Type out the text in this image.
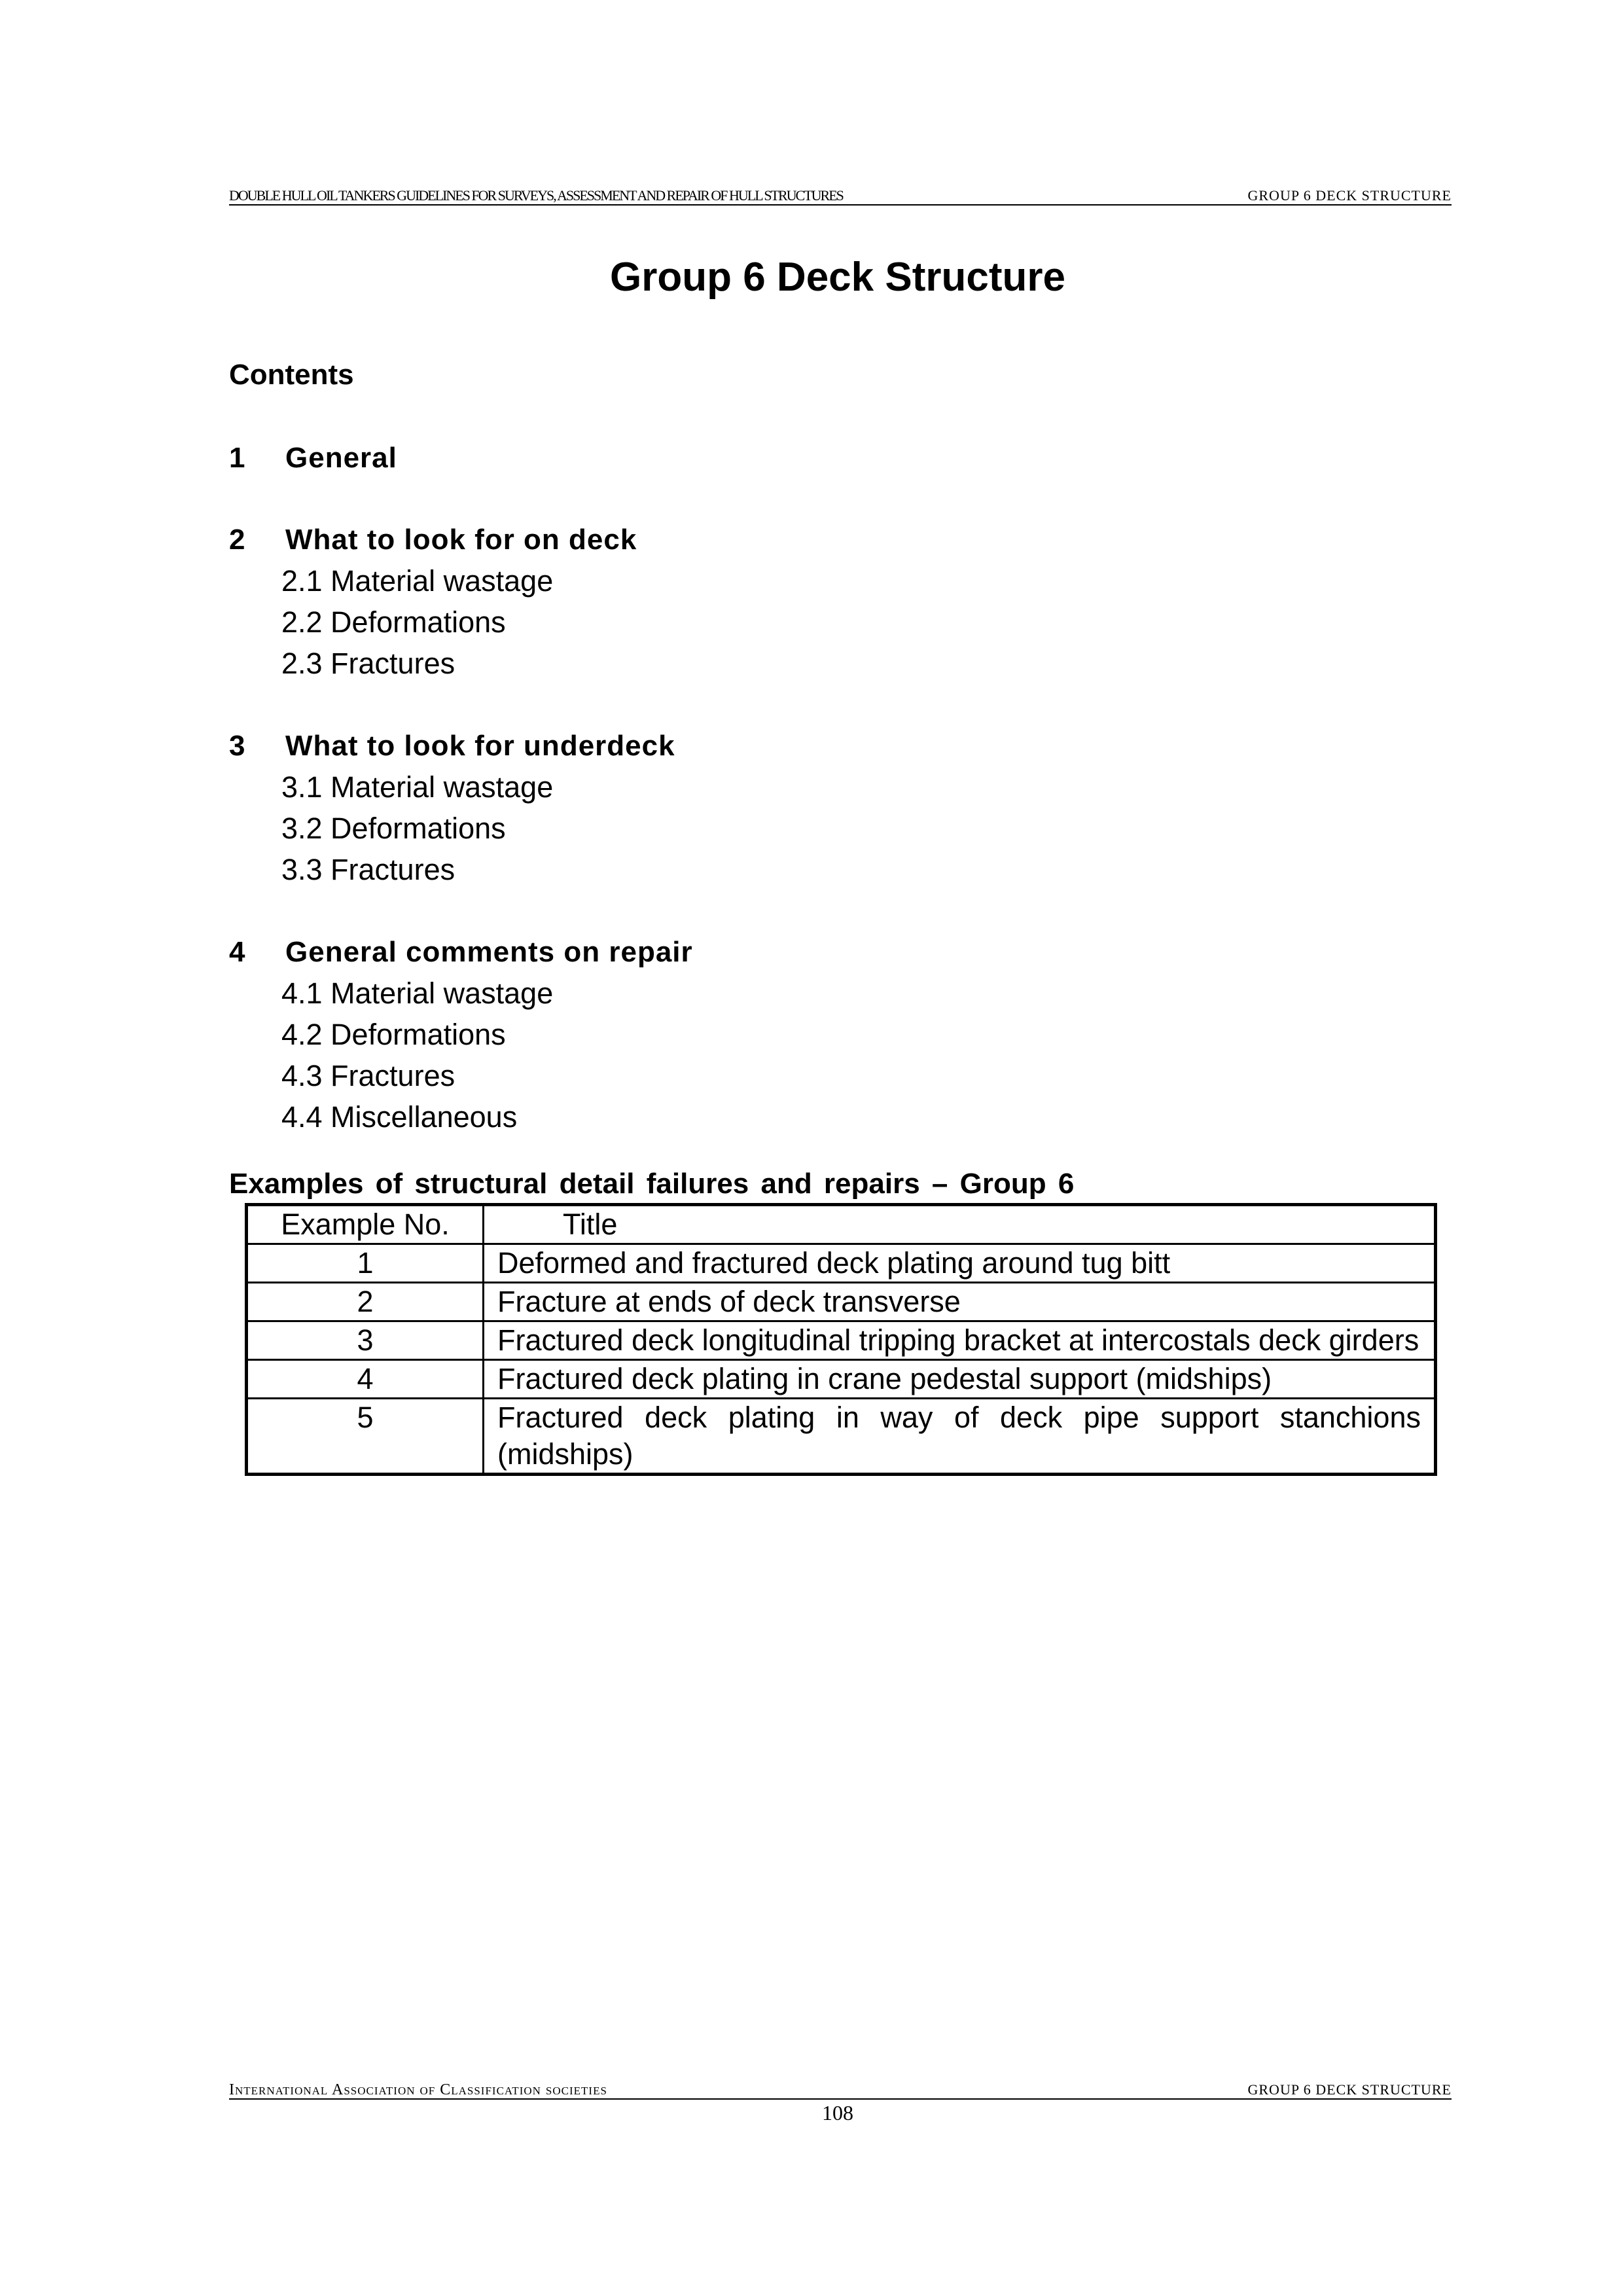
DOUBLE HULL OIL TANKERS GUIDELINES FOR SURVEYS, ASSESSMENT AND REPAIR OF HULL STRUCTURES	GROUP 6 DECK STRUCTURE
Group 6 Deck Structure
Contents
1 General
2 What to look for on deck
2.1 Material wastage
2.2 Deformations
2.3 Fractures
3 What to look for underdeck
3.1 Material wastage
3.2 Deformations
3.3 Fractures
4 General comments on repair
4.1 Material wastage
4.2 Deformations
4.3 Fractures
4.4 Miscellaneous
Examples of structural detail failures and repairs – Group 6
Example No.	Title
1	Deformed and fractured deck plating around tug bitt
2	Fracture at ends of deck transverse
3	Fractured deck longitudinal tripping bracket at intercostals deck girders
4	Fractured deck plating in crane pedestal support (midships)
5	Fractured deck plating in way of deck pipe support stanchions (midships)
International Association of Classification societies	GROUP 6 DECK STRUCTURE
108
